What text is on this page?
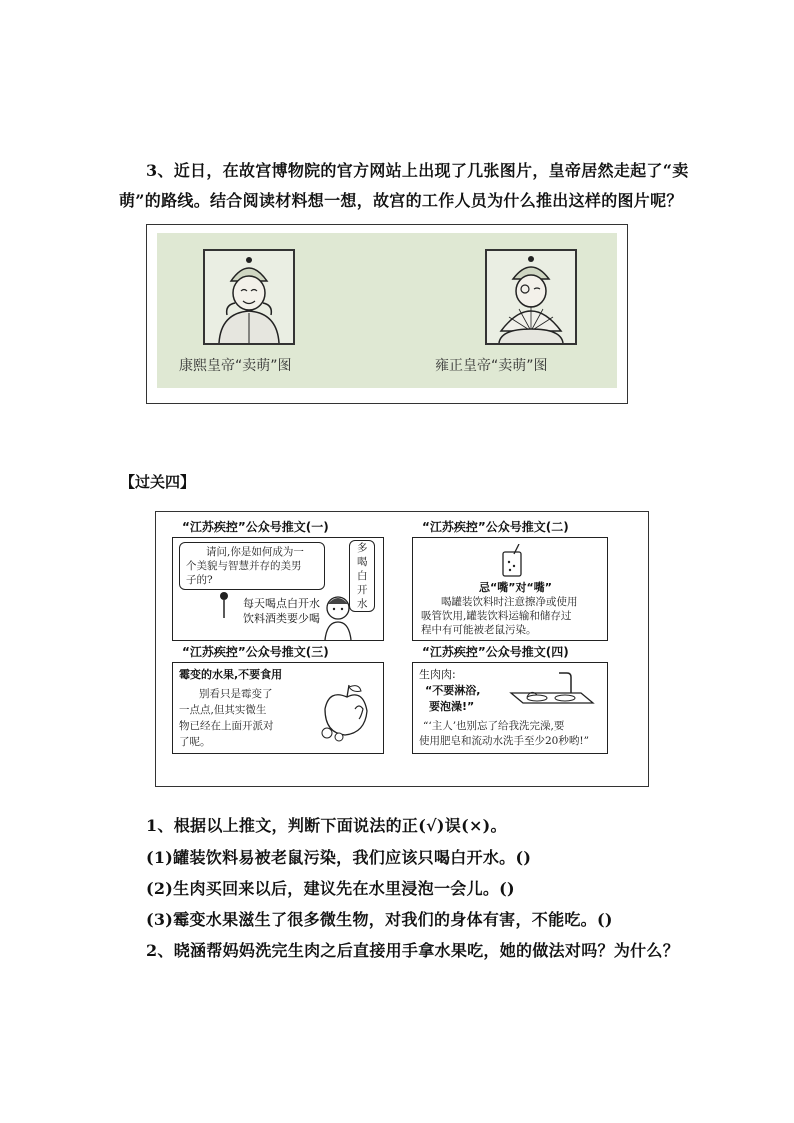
3、近日，在故宫博物院的官方网站上出现了几张图片，皇帝居然走起了“卖
萌”的路线。结合阅读材料想一想，故宫的工作人员为什么推出这样的图片呢？
康熙皇帝“卖萌”图	雍正皇帝“卖萌”图
【过关四】
“江苏疾控”公众号推文(一)
请问,你是如何成为一
个美貌与智慧并存的美男
子的?
多
喝
白
开
水
每天喝点白开水
饮料酒类要少喝
“江苏疾控”公众号推文(二)
忌“嘴”对“嘴”
喝罐装饮料时注意擦净或使用
吸管饮用,罐装饮料运输和储存过
程中有可能被老鼠污染。
“江苏疾控”公众号推文(三)
霉变的水果,不要食用
别看只是霉变了
一点点,但其实微生
物已经在上面开派对
了呢。
“江苏疾控”公众号推文(四)
生肉肉:
“不要淋浴,
要泡澡!”
“‘主人’也别忘了给我洗完澡,要
使用肥皂和流动水洗手至少20秒哟!”
1、根据以上推文，判断下面说法的正(√)误(×)。
(1)罐装饮料易被老鼠污染，我们应该只喝白开水。()
(2)生肉买回来以后，建议先在水里浸泡一会儿。()
(3)霉变水果滋生了很多微生物，对我们的身体有害，不能吃。()
2、晓涵帮妈妈洗完生肉之后直接用手拿水果吃，她的做法对吗？为什么？
